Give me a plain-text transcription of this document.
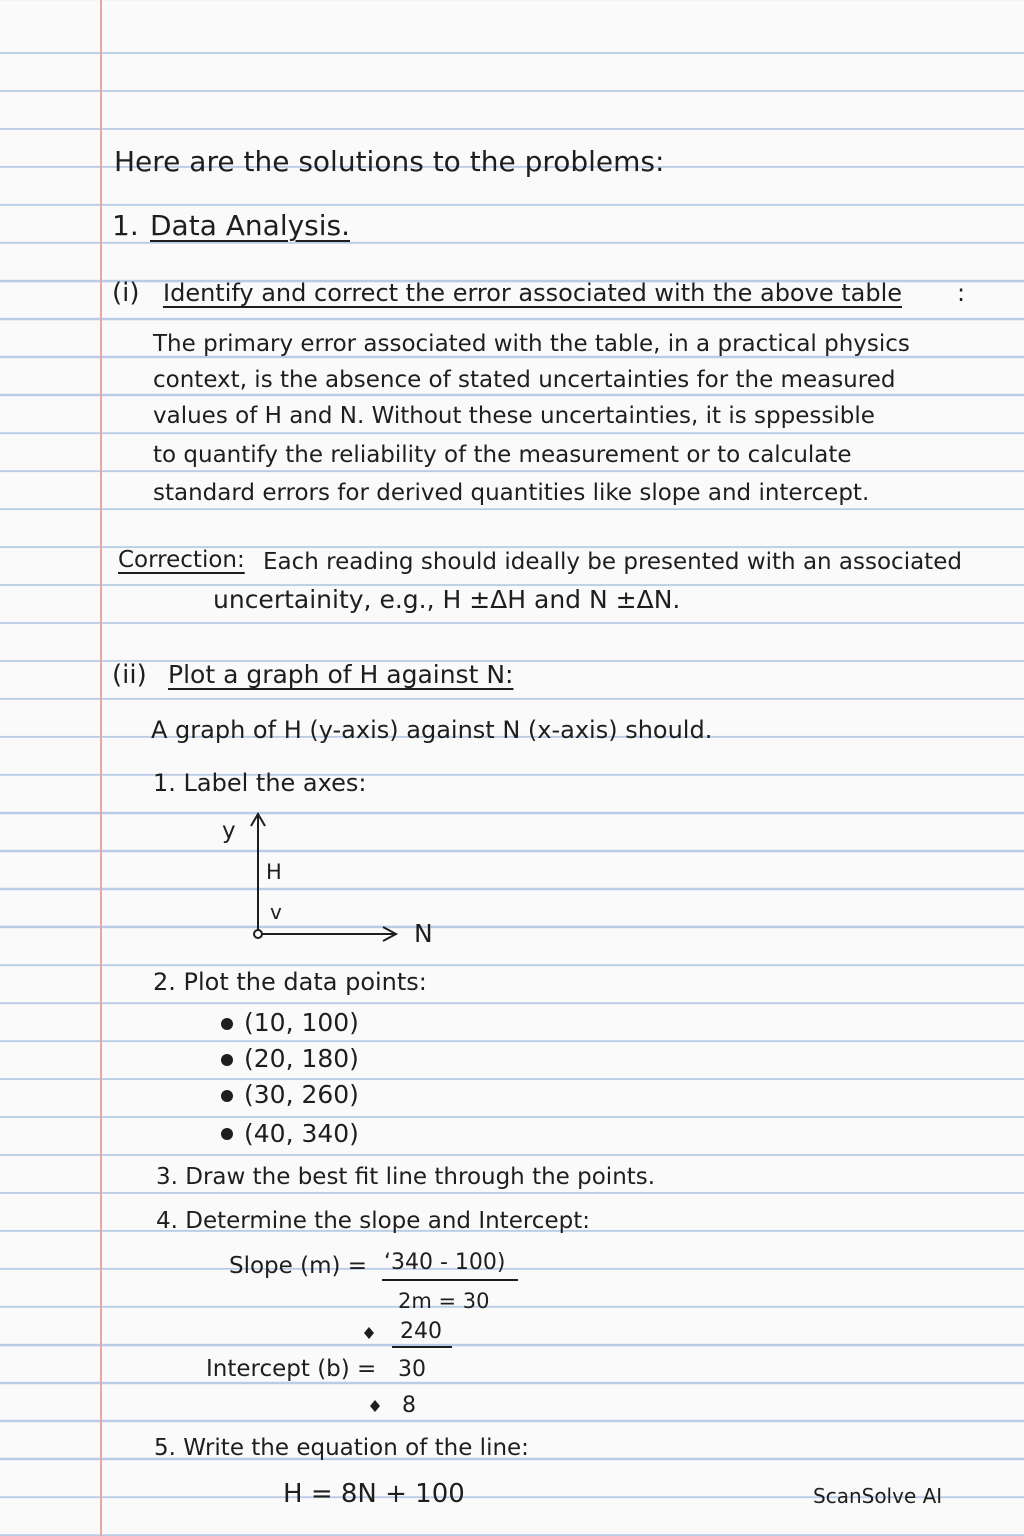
Here are the solutions to the problems:
1. Data Analysis.
(i) Identify and correct the error associated with the above table :
The primary error associated with the table, in a practical physics
context, is the absence of stated uncertainties for the measured
values of H and N. Without these uncertainties, it is sppessible
to quantify the reliability of the measurement or to calculate
standard errors for derived quantities like slope and intercept.
Correction: Each reading should ideally be presented with an associated
uncertainity, e.g., H ±ΔH and N ±ΔN.
(ii) Plot a graph of H against N:
A graph of H (y-axis) against N (x-axis) should.
1. Label the axes:
y
H
v
N
2. Plot the data points:
(10, 100)
(20, 180)
(30, 260)
(40, 340)
3. Draw the best fit line through the points.
4. Determine the slope and Intercept:
Slope (m) = ‘340 - 100)
2m = 30
240
Intercept (b) = 30
8
5. Write the equation of the line:
H = 8N + 100	ScanSolve AI
